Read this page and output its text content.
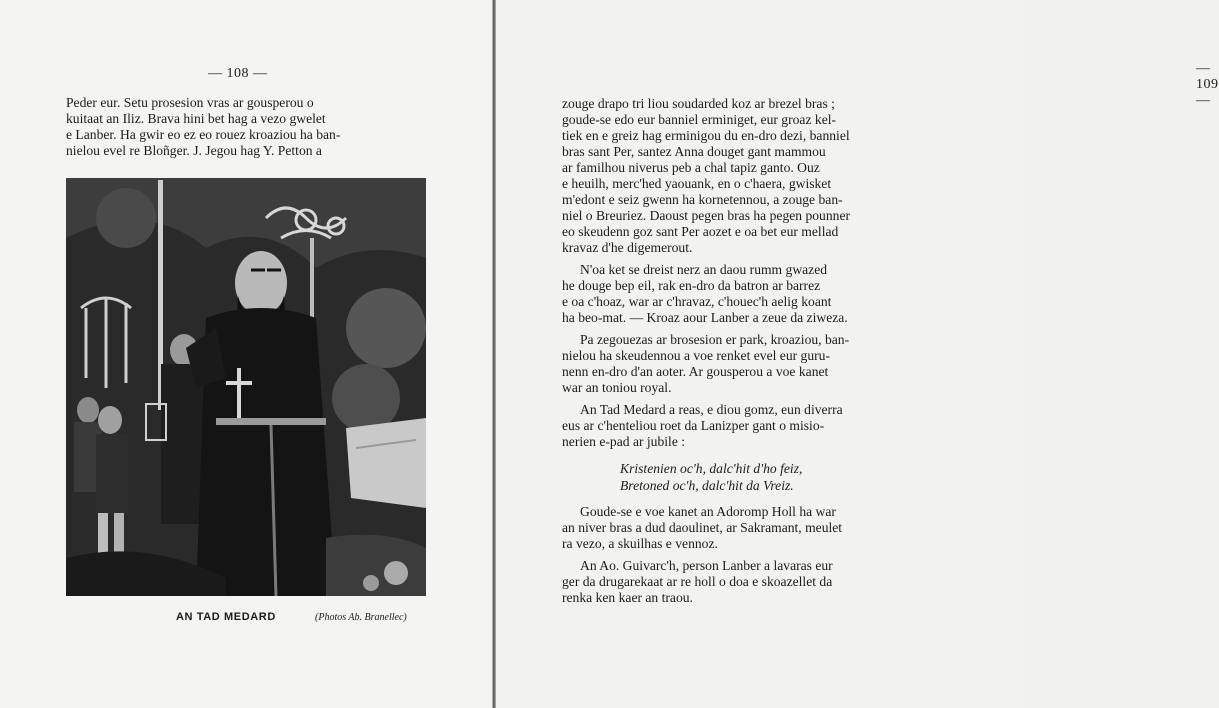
— 108 —
Peder eur. Setu prosesion vras ar gousperou o
kuitaat an Iliz. Brava hini bet hag a vezo gwelet
e Lanber. Ha gwir eo ez eo rouez kroaziou ha ban-
nielou evel re Bloñger. J. Jegou hag Y. Petton a
AN TAD MEDARD	(Photos Ab. Branellec)
— 109 —
zouge drapo tri liou soudarded koz ar brezel bras ;
goude-se edo eur banniel erminiget, eur groaz kel-
tiek en e greiz hag erminigou du en-dro dezi, banniel
bras sant Per, santez Anna douget gant mammou
ar familhou niverus peb a chal tapiz ganto. Ouz
e heuilh, merc'hed yaouank, en o c'haera, gwisket
m'edont e seiz gwenn ha kornetennou, a zouge ban-
niel o Breuriez. Daoust pegen bras ha pegen pounner
eo skeudenn goz sant Per aozet e oa bet eur mellad
kravaz d'he digemerout.
N'oa ket se dreist nerz an daou rumm gwazed
he douge bep eil, rak en-dro da batron ar barrez
e oa c'hoaz, war ar c'hravaz, c'houec'h aelig koant
ha beo-mat. — Kroaz aour Lanber a zeue da ziweza.
Pa zegouezas ar brosesion er park, kroaziou, ban-
nielou ha skeudennou a voe renket evel eur guru-
nenn en-dro d'an aoter. Ar gousperou a voe kanet
war an toniou royal.
An Tad Medard a reas, e diou gomz, eun diverra
eus ar c'henteliou roet da Lanizper gant o misio-
nerien e-pad ar jubile :
Kristenien oc'h, dalc'hit d'ho feiz,
Bretoned oc'h, dalc'hit da Vreiz.
Goude-se e voe kanet an Adoromp Holl ha war
an niver bras a dud daoulinet, ar Sakramant, meulet
ra vezo, a skuilhas e vennoz.
An Ao. Guivarc'h, person Lanber a lavaras eur
ger da drugarekaat ar re holl o doa e skoazellet da
renka ken kaer an traou.
